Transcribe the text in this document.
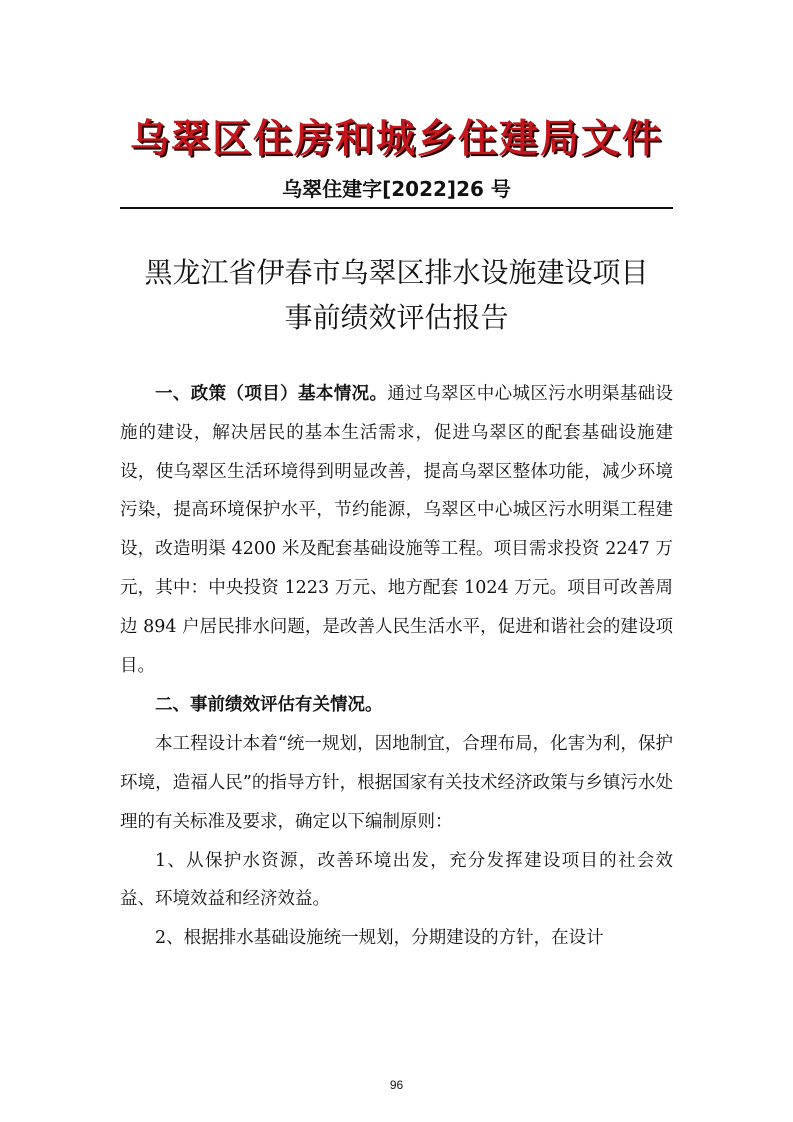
乌翠区住房和城乡住建局文件
乌翠住建字[2022]26 号
黑龙江省伊春市乌翠区排水设施建设项目
事前绩效评估报告

一、政策（项目）基本情况。通过乌翠区中心城区污水明渠基础设施的建设，解决居民的基本生活需求，促进乌翠区的配套基础设施建设，使乌翠区生活环境得到明显改善，提高乌翠区整体功能，减少环境污染，提高环境保护水平，节约能源，乌翠区中心城区污水明渠工程建设，改造明渠 4200 米及配套基础设施等工程。项目需求投资 2247 万元，其中：中央投资 1223 万元、地方配套 1024 万元。项目可改善周边 894 户居民排水问题，是改善人民生活水平，促进和谐社会的建设项目。

二、事前绩效评估有关情况。

本工程设计本着“统一规划，因地制宜，合理布局，化害为利，保护环境，造福人民”的指导方针，根据国家有关技术经济政策与乡镇污水处理的有关标准及要求，确定以下编制原则：

1、从保护水资源，改善环境出发，充分发挥建设项目的社会效益、环境效益和经济效益。

2、根据排水基础设施统一规划，分期建设的方针，在设计

96
